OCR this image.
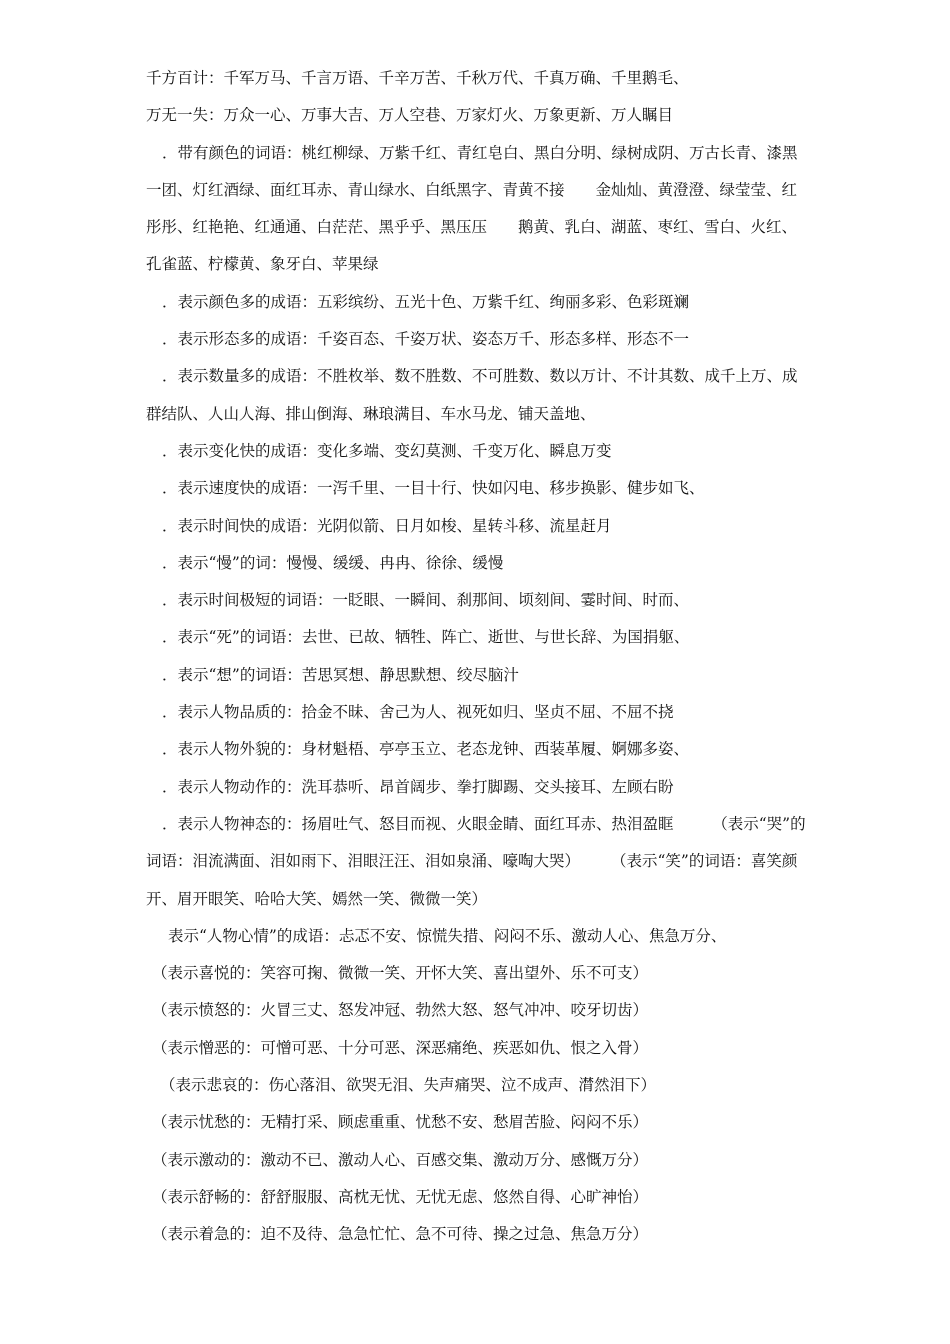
千方百计：千军万马、千言万语、千辛万苦、千秋万代、千真万确、千里鹅毛、

万无一失：万众一心、万事大吉、万人空巷、万家灯火、万象更新、万人瞩目

．带有颜色的词语：桃红柳绿、万紫千红、青红皂白、黑白分明、绿树成阴、万古长青、漆黑一团、灯红酒绿、面红耳赤、青山绿水、白纸黑字、青黄不接　　金灿灿、黄澄澄、绿莹莹、红彤彤、红艳艳、红通通、白茫茫、黑乎乎、黑压压　　鹅黄、乳白、湖蓝、枣红、雪白、火红、孔雀蓝、柠檬黄、象牙白、苹果绿

．表示颜色多的成语：五彩缤纷、五光十色、万紫千红、绚丽多彩、色彩斑斓

．表示形态多的成语：千姿百态、千姿万状、姿态万千、形态多样、形态不一

．表示数量多的成语：不胜枚举、数不胜数、不可胜数、数以万计、不计其数、成千上万、成群结队、人山人海、排山倒海、琳琅满目、车水马龙、铺天盖地、

．表示变化快的成语：变化多端、变幻莫测、千变万化、瞬息万变

．表示速度快的成语：一泻千里、一目十行、快如闪电、移步换影、健步如飞、

．表示时间快的成语：光阴似箭、日月如梭、星转斗移、流星赶月

．表示“慢”的词：慢慢、缓缓、冉冉、徐徐、缓慢

．表示时间极短的词语：一眨眼、一瞬间、刹那间、顷刻间、霎时间、时而、

．表示“死”的词语：去世、已故、牺牲、阵亡、逝世、与世长辞、为国捐躯、

．表示“想”的词语：苦思冥想、静思默想、绞尽脑汁

．表示人物品质的：拾金不昧、舍己为人、视死如归、坚贞不屈、不屈不挠

．表示人物外貌的：身材魁梧、亭亭玉立、老态龙钟、西装革履、婀娜多姿、

．表示人物动作的：洗耳恭听、昂首阔步、拳打脚踢、交头接耳、左顾右盼

．表示人物神态的：扬眉吐气、怒目而视、火眼金睛、面红耳赤、热泪盈眶　　　（表示“哭”的词语：泪流满面、泪如雨下、泪眼汪汪、泪如泉涌、嚎啕大哭）　　　（表示“笑”的词语：喜笑颜开、眉开眼笑、哈哈大笑、嫣然一笑、微微一笑）

表示“人物心情”的成语：忐忑不安、惊慌失措、闷闷不乐、激动人心、焦急万分、

（表示喜悦的：笑容可掬、微微一笑、开怀大笑、喜出望外、乐不可支）

（表示愤怒的：火冒三丈、怒发冲冠、勃然大怒、怒气冲冲、咬牙切齿）

（表示憎恶的：可憎可恶、十分可恶、深恶痛绝、疾恶如仇、恨之入骨）

（表示悲哀的：伤心落泪、欲哭无泪、失声痛哭、泣不成声、潸然泪下）

（表示忧愁的：无精打采、顾虑重重、忧愁不安、愁眉苦脸、闷闷不乐）

（表示激动的：激动不已、激动人心、百感交集、激动万分、感慨万分）

（表示舒畅的：舒舒服服、高枕无忧、无忧无虑、悠然自得、心旷神怡）

（表示着急的：迫不及待、急急忙忙、急不可待、操之过急、焦急万分）
